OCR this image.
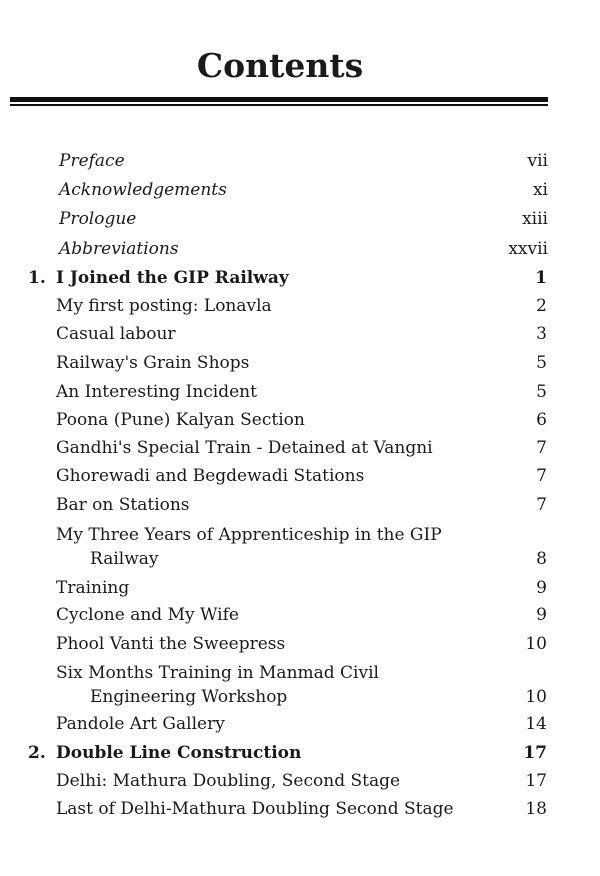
Contents
Preface	vii
Acknowledgements	xi
Prologue	xiii
Abbreviations	xxvii
1. I Joined the GIP Railway	1
My first posting: Lonavla	2
Casual labour	3
Railway's Grain Shops	5
An Interesting Incident	5
Poona (Pune) Kalyan Section	6
Gandhi's Special Train - Detained at Vangni	7
Ghorewadi and Begdewadi Stations	7
Bar on Stations	7
My Three Years of Apprenticeship in the GIP
Railway	8
Training	9
Cyclone and My Wife	9
Phool Vanti the Sweepress	10
Six Months Training in Manmad Civil
Engineering Workshop	10
Pandole Art Gallery	14
2. Double Line Construction	17
Delhi: Mathura Doubling, Second Stage	17
Last of Delhi-Mathura Doubling Second Stage	18
